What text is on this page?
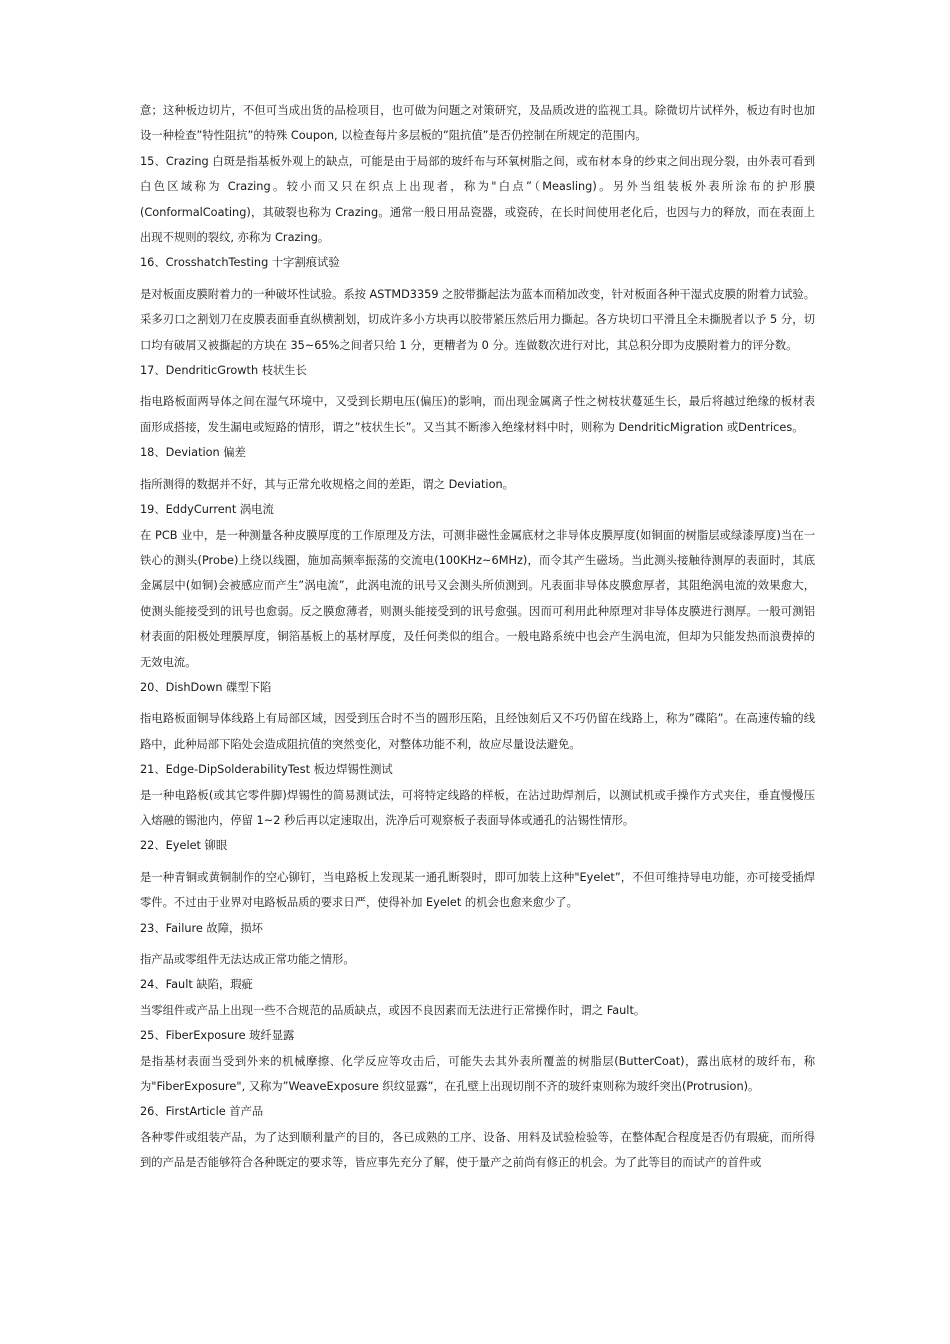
意；这种板边切片，不但可当成出货的品检项目，也可做为问题之对策研究，及品质改进的监视工具。除微切片试样外，板边有时也加设一种检查”特性阻抗”的特殊 Coupon, 以检查每片多层板的”阻抗值”是否仍控制在所规定的范围内。
15、Crazing 白斑是指基板外观上的缺点，可能是由于局部的玻纤布与环氧树脂之间，或布材本身的纱束之间出现分裂，由外表可看到白色区域称为 Crazing。较小而又只在织点上出现者，称为"白点”（Measling)。另外当组装板外表所涂布的护形膜(ConformalCoating)，其破裂也称为 Crazing。通常一般日用品瓷器，或瓷砖，在长时间使用老化后，也因与力的释放，而在表面上出现不规则的裂纹, 亦称为 Crazing。
16、CrosshatchTesting 十字割痕试验
是对板面皮膜附着力的一种破坏性试验。系按 ASTMD3359 之胶带撕起法为蓝本而稍加改变，针对板面各种干湿式皮膜的附着力试验。采多刃口之割划刀在皮膜表面垂直纵横割划，切成许多小方块再以胶带紧压然后用力撕起。各方块切口平滑且全未撕脱者以予 5 分，切口均有破屑又被撕起的方块在 35~65%之间者只给 1 分，更糟者为 0 分。连做数次进行对比，其总积分即为皮膜附着力的评分数。
17、DendriticGrowth 枝状生长
指电路板面两导体之间在湿气环境中，又受到长期电压(偏压)的影响，而出现金属离子性之树枝状蔓延生长，最后将越过绝缘的板材表面形成搭接，发生漏电或短路的情形，谓之”枝状生长”。又当其不断渗入绝缘材料中时，则称为 DendriticMigration 或Dentrices。
18、Deviation 偏差
指所测得的数据并不好，其与正常允收规格之间的差距，谓之 Deviation。
19、EddyCurrent 涡电流
在 PCB 业中，是一种测量各种皮膜厚度的工作原理及方法，可测非磁性金属底材之非导体皮膜厚度(如铜面的树脂层或绿漆厚度)当在一铁心的测头(Probe)上绕以线圈，施加高频率振荡的交流电(100KHz~6MHz)，而令其产生磁场。当此测头接触待测厚的表面时，其底金属层中(如铜)会被感应而产生”涡电流”，此涡电流的讯号又会测头所侦测到。凡表面非导体皮膜愈厚者，其阻绝涡电流的效果愈大，使测头能接受到的讯号也愈弱。反之膜愈薄者，则测头能接受到的讯号愈强。因而可利用此种原理对非导体皮膜进行测厚。一般可测铝材表面的阳极处理膜厚度，铜箔基板上的基材厚度，及任何类似的组合。一般电路系统中也会产生涡电流，但却为只能发热而浪费掉的无效电流。
20、DishDown 碟型下陷
指电路板面铜导体线路上有局部区域，因受到压合时不当的圆形压陷，且经蚀刻后又不巧仍留在线路上，称为”碟陷”。在高速传输的线路中，此种局部下陷处会造成阻抗值的突然变化，对整体功能不利，故应尽量设法避免。
21、Edge-DipSolderabilityTest 板边焊锡性测试
是一种电路板(或其它零件脚)焊锡性的简易测试法，可将特定线路的样板，在沾过助焊剂后，以测试机或手操作方式夹住，垂直慢慢压入熔融的锡池内，停留 1~2 秒后再以定速取出，洗净后可观察板子表面导体或通孔的沾锡性情形。
22、Eyelet 铆眼
是一种青铜或黄铜制作的空心铆钉，当电路板上发现某一通孔断裂时，即可加装上这种"Eyelet”，不但可维持导电功能，亦可接受插焊零件。不过由于业界对电路板品质的要求日严，使得补加 Eyelet 的机会也愈来愈少了。
23、Failure 故障，损坏
指产品或零组件无法达成正常功能之情形。
24、Fault 缺陷，瑕疵
当零组件或产品上出现一些不合规范的品质缺点，或因不良因素而无法进行正常操作时，谓之 Fault。
25、FiberExposure 玻纤显露
是指基材表面当受到外来的机械摩擦、化学反应等攻击后，可能失去其外表所覆盖的树脂层(ButterCoat)，露出底材的玻纤布，称为"FiberExposure", 又称为”WeaveExposure 织纹显露”，在孔壁上出现切削不齐的玻纤束则称为玻纤突出(Protrusion)。
26、FirstArticle 首产品
各种零件或组装产品，为了达到顺利量产的目的，各已成熟的工序、设备、用料及试验检验等，在整体配合程度是否仍有瑕疵，而所得到的产品是否能够符合各种既定的要求等，皆应事先充分了解，使于量产之前尚有修正的机会。为了此等目的而试产的首件或
